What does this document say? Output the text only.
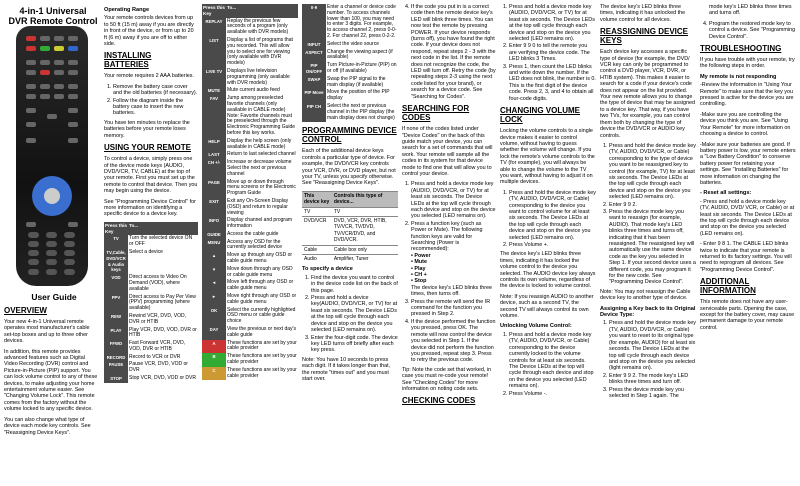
4-in-1 Universal
DVR Remote Control
User Guide
OVERVIEW

Your new 4-in-1 Universal remote operates most manufacturer's cable set-top boxes and up to three other devices.

In addition, this remote provides advanced features such as Digital Video Recording (DVR) control and Picture-in-Picture (PIP) support. You can lock volume control to any of these devices, to make adjusting your home entertainment volume easier. See "Changing Volume Lock". This remote comes from the factory without the volume locked to any specific device.

You can also change what type of device each mode key controls. See "Reassigning Device Keys".

Operating Range

Your remote controls devices from up to 50 ft (15 m) away if you are directly in front of the device, or from up to 20 ft (6 m) away if you are off to either side.

INSTALLING BATTERIES

Your remote requires 2 AAA batteries.

1. Remove the battery case cover and the old batteries (if necessary).
2. Follow the diagram inside the battery case to insert the new batteries.

You have ten minutes to replace the batteries before your remote loses memory.

USING YOUR REMOTE

To control a device, simply press one of the device mode keys (AUDIO, DVD/VCR, TV, CABLE) at the top of your remote. First you must set up the remote to control that device. Then you may begin using the device.

See "Programming Device Control" for more information on identifying a specific device to a device key.

Press this Key	To...
TV	Turn the selected device ON or OFF
TV,Cable, DVD/VCR & Audio keys	Select a device
VOD	Direct access to Video On Demand (VOD), where available
PPV	Direct access to Pay Per View (PPV) programming (where available)
REW	Rewind VCR, DVD, VOD, DVR or HTIB
PLAY	Play VCR, DVD, VOD, DVR or HTIB
FFWD	Fast Forward VCR, DVD, VOD, DVR or HTIB
RECORD	Record to VCR or DVR
PAUSE	Pause VCR, DVD, VOD or DVR
STOP	Stop VCR, DVD, VOD or DVR
Press this Key	To...
REPLAY	Replay the previous few seconds of a program (only available with DVR models)
LIST	Display a list of programs that you recorded. This will allow you to select one for viewing (only available with DVR models)
LIVE TV	Displays live television programming (only available with DVR models)
MUTE	Mute current audio feed
FAV	Jump among preselected favorite channels (only available in CABLE mode) Note: Favorite channels must be preselected through the Electronic Programming Guide before this key works.
HELP	Display the help screen (only available in CABLE mode)
LAST	Return to last selected channel
CH +/-	Increase or decrease volume Select the next or previous channel
PAGE	Move up or down through menu screens or the Electronic Program Guide
EXIT	Exit any On-Screen Display (OSD) and return to regular viewing
INFO	Display channel and program information
GUIDE	Access the cable guide
MENU	Access any OSD for the currently selected device
▲	Move up through any OSD or cable guide menu
▼	Move down through any OSD or cable guide menu
◄	Move left through any OSD or cable guide menu
►	Move right through any OSD or cable guide menu
OK	Select the currently highlighted OSD menu or cable guide choice
DAY	View the previous or next day's cable guide
A	These functions are set by your cable provider
B	These functions are set by your cable provider
C	These functions are set by your cable provider
0-9	Enter a channel or device code number. To access channels lower than 100, you may need to enter 3 digits. For example, to access channel 2, press 0-0-2. For channel 22, press 0-2-2.
INPUT	Select the video source
ASPECT	Change the viewing aspect (if available)
PIP ON/OFF	Turn Picture-in-Picture (PIP) on or off (if available)
SWAP	Swap the PIP signal to the main display (if available)
PIP Move	Move the position of the PIP display
PIP CH	Select the next or previous channel in the PIP display (the main display does not change)
PROGRAMMING DEVICE CONTROL

Each of the additional device keys controls a particular type of device. For example, the DVD/VCR key controls your VCR, DVR, or DVD player, but not your TV, unless you specify otherwise. See "Reassigning Device Keys".

This device key	Controls this type of device...
TV	TV
DVD/VCR	DVD, VCR, DVR, HTIB, TV/VCR, TV/DVD, TV/VCR/DVD, and DVD/VCR.
Cable	Cable box only
Audio	Amplifier, Tuner
To specify a device
1. Find the device you want to control in the device code list on the back of this page.
2. Press and hold a device key(AUDIO, DVD/VCR, or TV) for at least six seconds. The Device LEDs at the top will cycle through each device and stop on the device you selected (LED remains on).
3. Enter the four-digit code. The device key LED turns off briefly after each key press.

Note: You have 10 seconds to press each digit. If it takes longer than that, the remote "times out" and you must start over.

4. If the code you put in is a correct code then the remote device key's LED will blink three times. You can now test the remote by pressing POWER. If your device responds (turns off), you have found the right code. If your device does not respond, repeat steps 2 - 3 with the next code in the list. If the remote does not recognize the code, the LED will turn off. Retry the code (by repeating steps 2-3 using the next code listed for your brand), or search for a device code. See "Searching for Codes".
SEARCHING FOR CODES

If none of the codes listed under "Device Codes" on the back of this guide match your device, you can search for a set of commands that will work. Your remote will sample all the codes in its system for that device mode to find one that will allow you to control your device.

1. Press and hold a device mode key (AUDIO, DVD/VCR, or TV) for at least six seconds. The Device LEDs at the top will cycle through each device and stop on the device you selected (LED remains on).
2. Press a function key (such as Power or Mute). The following function keys are valid for Searching (Power is recommended):
• Power
• Mute
• Play
• CH +
• Stop
The device key's LED blinks three times, then turns off.
3. Press the remote will send the IR command for the function you pressed in Step 2.
4. If the device performed the function you pressed, press OK. The remote will now control the device you selected in Step 1. If the device did not perform the function you pressed, repeat step 3. Press to retry the previous code.

Tip: Note the code set that worked, in case you must re-code your remote! See "Checking Codes" for more information on noting code sets.

CHECKING CODES
1. Press and hold a device mode key (AUDIO, DVD/VCR, or TV) for at least six seconds. The Device LEDs at the top will cycle through each device and stop on the device you selected (LED remains on).
2. Enter 9 9 0 to tell the remote you are verifying the device code. The LED blinks 3 Times.
3. Press 1, then count the LED blinks and write down the number. If the LED does not blink, the number is 0. This is the first digit of the device code. Press 2, 3, and 4 to obtain all four-code digits.
CHANGING VOLUME LOCK

Locking the volume controls to a single device makes it easier to control volume, without having to guess whether the volume will change. If you lock the remote's volume controls to the TV (for example), you will always be able to change the volume to the TV you want, without having to adjust it on multiple devices.

1. Press and hold the device mode key (TV, AUDIO, DVD/VCR, or Cable) corresponding to the device you want to control volume for at least six seconds. The Device LEDs at the top will cycle through each device and stop on the device you selected (LED remains on).
2. Press Volume +.

The device key's LED blinks three times, indicating it has locked the volume control to the device you selected. The AUDIO device key always controls its own volume, regardless of the device is locked to volume control.

Note: If you reassign AUDIO to another device, such as a second TV, the second TV will always control its own volume.

Unlocking Volume Control:
1. Press and hold a device mode key (TV, AUDIO, DVD/VCR, or Cable) corresponding to the device currently locked to the volume controls for at least six seconds. The Device LEDs at the top will cycle through each device and stop on the device you selected (LED remains on).
2. Press Volume -.

The device key's LED blinks three times, indicating it has unlocked the volume control for all devices.

REASSIGNING DEVICE KEYS

Each device key accesses a specific type of device (for example, the DVD/ VCR key can only be programmed to control a DVD player, VCR, DVR, or HTIB system). This makes it easier to search for a code if your device's code does not appear on the list provided. Your new remote allows you to change the type of device that may be assigned to a device key. That way, if you have two TVs, for example, you can control them both by changing the type of device the DVD/VCR or AUDIO key controls.

1. Press and hold the device mode key (TV, AUDIO, DVD/VCR, or Cable) corresponding to the type of device you want to be reassigned key to control (for example, TV) for at least six seconds. The Device LEDs at the top will cycle through each device and stop on the device you selected (LED remains on).
2. Enter 9 9 2.
3. Press the device mode key you want to reassign (for example, AUDIO). That mode key's LED blinks three times and turns off, indicating that it has been reassigned. The reassigned key will automatically use the same device code as the key you selected in Step 1. If your second device uses a different code, you may program it for the new code. See "Programming Device Control".

Note: You may not reassign the Cable device key to another type of device.

Assigning a Key back to its Original Device Type:
1. Press and hold the device mode key (TV, AUDIO, DVD/VCR, or Cable) you want to reset to its original type (for example, AUDIO) for at least six seconds. The Device LEDs at the top will cycle through each device and stop on the device you selected (light remains on).
2. Enter 9 9 2. The mode key's LED blinks three times and turn off.
3. Press the device mode key you selected in Step 1 again. The

mode key's LED blinks three times and turns off.

4. Program the restored mode key to control a device. See "Programming Device Control".
TROUBLESHOOTING

If you have trouble with your remote, try the following steps in order.

My remote is not responding

-Review the information in "Using Your Remote" to make sure that the key you pressed is active for the device you are controlling.

-Make sure you are controlling the device you think you are. See "Using Your Remote" for more information on choosing a device to control.

-Make sure your batteries are good. If battery power is low, your remote enters a "Low Battery Condition" to conserve battery power for retaining your settings. See "Installing Batteries" for more information on changing the batteries.

- Reset all settings:

- Press and hold a device mode key (TV, AUDIO, DVD/ VCR, or Cable) or at least six seconds. The Device LEDs at the top will cycle through each device and stop on the device you selected (LED remains on).

- Enter 9 8 1. The CABLE LED blinks twice to indicate that your remote is returned to its factory settings. You will need to reprogram all devices. See "Programming Device Control".

ADDITIONAL INFORMATION

This remote does not have any user-serviceable parts. Opening the case, except for the battery cover, may cause permanent damage to your remote control.
